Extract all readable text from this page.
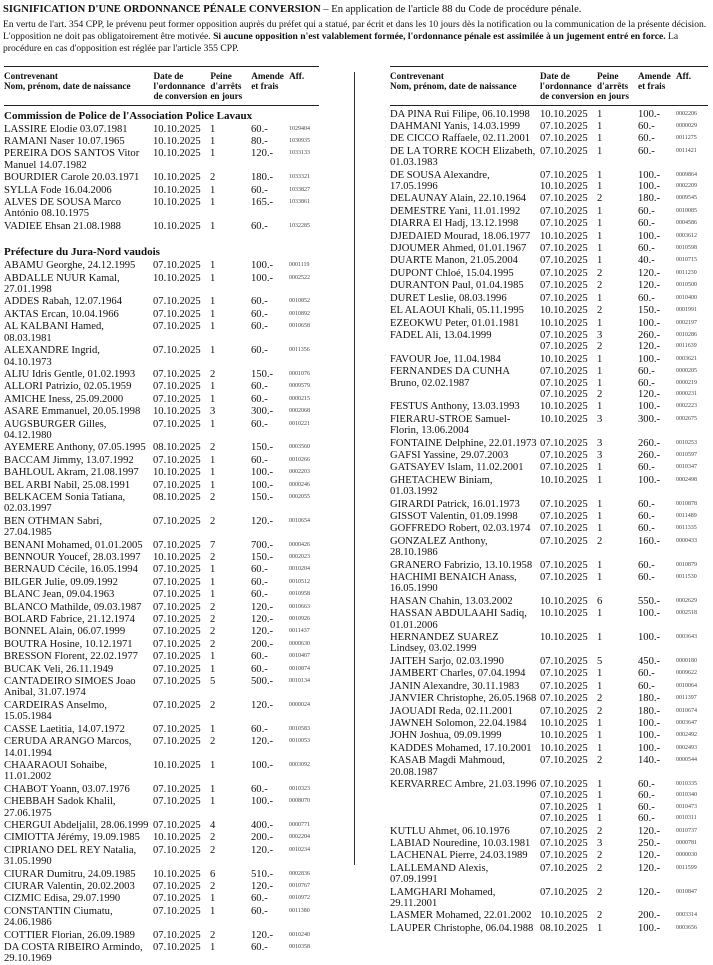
SIGNIFICATION D'UNE ORDONNANCE PÉNALE CONVERSION – En application de l'article 88 du Code de procédure pénale.

En vertu de l'art. 354 CPP, le prévenu peut former opposition auprès du préfet qui a statué, par écrit et dans les 10 jours dès la notification ou la communication de la présente décision. L'opposition ne doit pas obligatoirement être motivée. Si aucune opposition n'est valablement formée, l'ordonnance pénale est assimilée à un jugement entré en force. La procédure en cas d'opposition est réglée par l'article 355 CPP.

Contrevenant
Nom, prénom, date de naissance
Date de
l'ordonnance
de conversion
Peine
d'arrêts
en jours
Amende
et frais
Aff.
Commission de Police de l'Association Police Lavaux
LASSIRE Elodie 03.07.1981	10.10.2025 1	60.-	1029404
RAMANI Naser 10.07.1965	10.10.2025 1	80.-	1030935
PEREIRA DOS SANTOS Vitor Manuel 14.07.1982
10.10.2025 1	120.-	1033133
BOURDIER Carole 20.03.1971	10.10.2025 2	180.-	1033321
SYLLA Fode 16.04.2006	10.10.2025 1	60.-	1033827
ALVES DE SOUSA Marco António 08.10.1975
10.10.2025 1	165.-	1033861
VADIEE Ehsan 21.08.1988	10.10.2025 1	60.-	1032285
Préfecture du Jura-Nord vaudois
ABAMU Georghe, 24.12.1995	07.10.2025 1	100.-	0001119
ABDALLE NUUR Kamal, 27.01.1998
10.10.2025 1	100.-	0002522
ADDES Rabah, 12.07.1964	07.10.2025 1	60.-	0010852
AKTAS Ercan, 10.04.1966	07.10.2025 1	60.-	0010892
AL KALBANI Hamed, 08.03.1981
07.10.2025 1	60.-	0010658
ALEXANDRE Ingrid, 04.10.1973
07.10.2025 1	60.-	0011356
ALIU Idris Gentle, 01.02.1993	07.10.2025 2	150.-	0001076
ALLORI Patrizio, 02.05.1959	07.10.2025 1	60.-	0009579
AMICHE Iness, 25.09.2000	07.10.2025 1	60.-	0000215
ASARE Emmanuel, 20.05.1998	10.10.2025 3	300.-	0002068
AUGSBURGER Gilles, 04.12.1980
07.10.2025 1	60.-	0010221
AYEMERE Anthony, 07.05.1995 08.10.2025 2	150.-	0003560
BACCAM Jimmy, 13.07.1992	07.10.2025 1	60.-	0010266
BAHLOUL Akram, 21.08.1997	10.10.2025 1	100.-	0002203
BEL ARBI Nabil, 25.08.1991	07.10.2025 1	100.-	0000246
BELKACEM Sonia Tatiana, 02.03.1997
08.10.2025 2	150.-	0002055
BEN OTHMAN Sabri, 27.04.1985
07.10.2025 2	120.-	0010654
BENANI Mohamed, 01.01.2005 07.10.2025 7	700.-	0000426
BENNOUR Youcef, 28.03.1997	10.10.2025 2	150.-	0002023
BERNAUD Cécile, 16.05.1994	07.10.2025 1	60.-	0010204
BILGER Julie, 09.09.1992	07.10.2025 1	60.-	0010512
BLANC Jean, 09.04.1963	07.10.2025 1	60.-	0010958
BLANCO Mathilde, 09.03.1987	07.10.2025 2	120.-	0010663
BOLARD Fabrice, 21.12.1974	07.10.2025 2	120.-	0010926
BONNEL Alain, 06.07.1999	07.10.2025 2	120.-	0011437
BOUTRA Hosine, 10.12.1971	07.10.2025 2	200.-	0000630
BRESSON Florent, 22.02.1977	07.10.2025 1	60.-	0010407
BUCAK Veli, 26.11.1949	07.10.2025 1	60.-	0010874
CANTADEIRO SIMOES Joao Anibal, 31.07.1974
07.10.2025 5	500.-	0010134
CARDEIRAS Anselmo, 15.05.1984
07.10.2025 2	120.-	0000024
CASSE Laetitia, 14.07.1972	07.10.2025 1	60.-	0010583
CERUDA ARANGO Marcos, 14.01.1994
07.10.2025 2	120.-	0010053
CHAARAOUI Sohaibe, 11.01.2002
10.10.2025 1	100.-	0003092
CHABOT Yoann, 03.07.1976	07.10.2025 1	60.-	0010323
CHEBBAH Sadok Khalil, 27.06.1975
07.10.2025 1	100.-	0008070
CHERGUI Abdeljalil, 28.06.1999 07.10.2025 4	400.-	0000771
CIMIOTTA Jérémy, 19.09.1985	10.10.2025 2	200.-	0002204
CIPRIANO DEL REY Natalia, 31.05.1990
07.10.2025 2	120.-	0010234
CIURAR Dumitru, 24.09.1985	10.10.2025 6	510.-	0002836
CIURAR Valentin, 20.02.2003	07.10.2025 2	120.-	0010767
CIZMIC Edisa, 29.07.1990	07.10.2025 1	60.-	0010972
CONSTANTIN Ciumatu, 24.06.1986
07.10.2025 1	60.-	0011380
COTTIER Florian, 26.09.1989	07.10.2025 2	120.-	0010240
DA COSTA RIBEIRO Armindo, 29.10.1969
07.10.2025 1	60.-	0010358
Contrevenant
Nom, prénom, date de naissance
Date de
l'ordonnance
de conversion
Peine
d'arrêts
en jours
Amende
et frais
Aff.
DA PINA Rui Filipe, 06.10.1998 10.10.2025 1	100.-	0002206
DAHMANI Yanis, 14.03.1999	07.10.2025 1	60.-	0000029
DE CICCO Raffaele, 02.11.2001 07.10.2025 1	60.-	0011275
DE LA TORRE KOCH Elizabeth, 01.03.1983
07.10.2025 1	60.-	0011421
DE SOUSA Alexandre, 17.05.1996
07.10.2025 1	100.-	0009864
10.10.2025 1	100.-	0002209
DELAUNAY Alain, 22.10.1964	07.10.2025 2	180.-	0009545
DEMESTRE Yani, 11.01.1992	07.10.2025 1	60.-	0010085
DIARRA El Hadj, 13.12.1998	07.10.2025 1	60.-	0004586
DJEDAIED Mourad, 18.06.1977 10.10.2025 1	100.-	0003612
DJOUMER Ahmed, 01.01.1967	07.10.2025 1	60.-	0010598
DUARTE Manon, 21.05.2004	07.10.2025 1	40.-	0010715
DUPONT Chloé, 15.04.1995	07.10.2025 2	120.-	0011230
DURANTON Paul, 01.04.1985	07.10.2025 2	120.-	0010500
DURET Leslie, 08.03.1996	07.10.2025 1	60.-	0010400
EL ALAOUI Khali, 05.11.1995	10.10.2025 2	150.-	0001991
EZEOKWU Peter, 01.01.1981	10.10.2025 1	100.-	0002197
FADEL Ali, 13.04.1999	07.10.2025 3	260.-	0010286
07.10.2025 2	120.-	0011639
FAVOUR Joe, 11.04.1984	10.10.2025 1	100.-	0003621
FERNANDES DA CUNHA Bruno, 02.02.1987
07.10.2025 1	60.-	0000205
07.10.2025 1	60.-	0000219
07.10.2025 2	120.-	0000231
FESTUS Anthony, 13.03.1993	10.10.2025 1	100.-	0002223
FIERARU-STROE Samuel-Florin, 13.06.2004
10.10.2025 3	300.-	0002675
FONTAINE Delphine, 22.01.1973 07.10.2025 3	260.-	0010253
GAFSI Yassine, 29.07.2003	07.10.2025 3	260.-	0010597
GATSAYEV Islam, 11.02.2001	07.10.2025 1	60.-	0010347
GHETACHEW Biniam, 01.03.1992
10.10.2025 1	100.-	0002498
GIRARDI Patrick, 16.01.1973	07.10.2025 1	60.-	0010878
GISSOT Valentin, 01.09.1998	07.10.2025 1	60.-	0011489
GOFFREDO Robert, 02.03.1974 07.10.2025 1	60.-	0011335
GONZALEZ Anthony, 28.10.1986
07.10.2025 2	160.-	0000433
GRANERO Fabrizio, 13.10.1958 07.10.2025 1	60.-	0010879
HACHIMI BENAICH Anass, 16.05.1990
07.10.2025 1	60.-	0011530
HASAN Chahin, 13.03.2002	10.10.2025 6	550.-	0002629
HASSAN ABDULAAHI Sadiq, 01.01.2006
10.10.2025 1	100.-	0002518
HERNANDEZ SUAREZ Lindsey, 03.02.1999
10.10.2025 1	100.-	0003643
JAITEH Sarjo, 02.03.1990	07.10.2025 5	450.-	0000180
JAMBERT Charles, 07.04.1994	07.10.2025 1	60.-	0009622
JANIN Alexandre, 30.11.1983	07.10.2025 1	60.-	0010064
JANVIER Christophe, 26.05.1968 07.10.2025 2	180.-	0011397
JAOUADI Reda, 02.11.2001	07.10.2025 2	180.-	0010674
JAWNEH Solomon, 22.04.1984	10.10.2025 1	100.-	0003647
JOHN Joshua, 09.09.1999	10.10.2025 1	100.-	0002492
KADDES Mohamed, 17.10.2001 10.10.2025 1	100.-	0002493
KASAB Magdi Mahmoud, 20.08.1987
07.10.2025 2	140.-	0000544
KERVARREC Ambre, 21.03.1996 07.10.2025 1	60.-	0010335
07.10.2025 1	60.-	0010340
07.10.2025 1	60.-	0010473
07.10.2025 1	60.-	0010311
KUTLU Ahmet, 06.10.1976	07.10.2025 2	120.-	0010737
LABIAD Nouredine, 10.03.1981 07.10.2025 3	250.-	0000781
LACHENAL Pierre, 24.03.1989	07.10.2025 2	120.-	0000030
LALLEMAND Alexis, 07.09.1991
07.10.2025 2	120.-	0011599
LAMGHARI Mohamed, 29.11.2001
07.10.2025 2	120.-	0010847
LASMER Mohamed, 22.01.2002 10.10.2025 2	200.-	0003314
LAUPER Christophe, 06.04.1988 08.10.2025 1	100.-	0003656
